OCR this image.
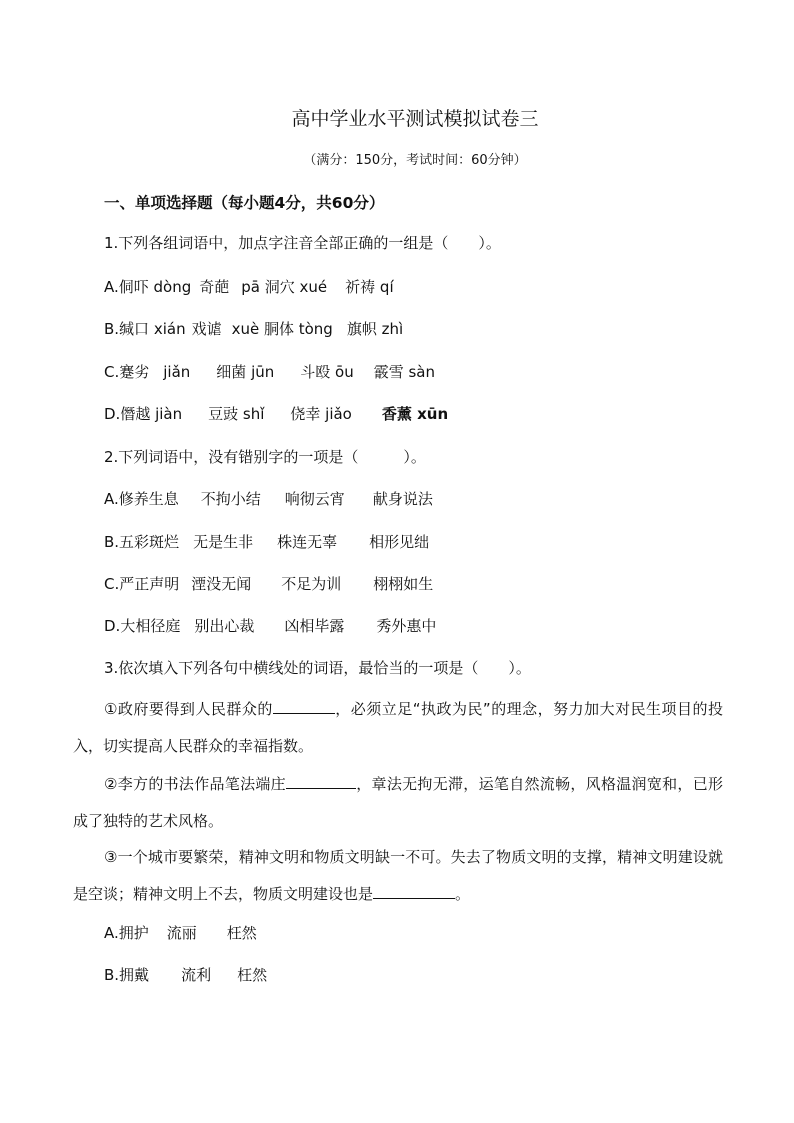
高中学业水平测试模拟试卷三
（满分：150分，考试时间：60分钟）
一、单项选择题（每小题4分，共60分）
1.下列各组词语中，加点字注音全部正确的一组是（　　）。
A.侗吓 dòng 奇葩 pā 洞穴 xué 祈祷 qí
B.缄口 xián 戏谑 xuè 胴体 tòng 旗帜 zhì
C.蹇劣 jiǎn 细菌 jūn 斗殴 ōu 霰雪 sàn
D.僭越 jiàn 豆豉 shǐ 侥幸 jiǎo 香薰 xūn
2.下列词语中，没有错别字的一项是（　　　）。
A.修养生息 不拘小结 响彻云宵 献身说法
B.五彩斑烂 无是生非 株连无辜 相形见绌
C.严正声明 湮没无闻 不足为训 栩栩如生
D.大相径庭 别出心裁 凶相毕露 秀外惠中
3.依次填入下列各句中横线处的词语，最恰当的一项是（　　）。
①政府要得到人民群众的	，必须立足“执政为民”的理念，努力加大对民生项目的投入，切实提高人民群众的幸福指数。
②李方的书法作品笔法端庄	，章法无拘无滞，运笔自然流畅，风格温润宽和，已形成了独特的艺术风格。
③一个城市要繁荣，精神文明和物质文明缺一不可。失去了物质文明的支撑，精神文明建设就是空谈；精神文明上不去，物质文明建设也是	。
A.拥护 流丽 枉然
B.拥戴 流利 枉然
